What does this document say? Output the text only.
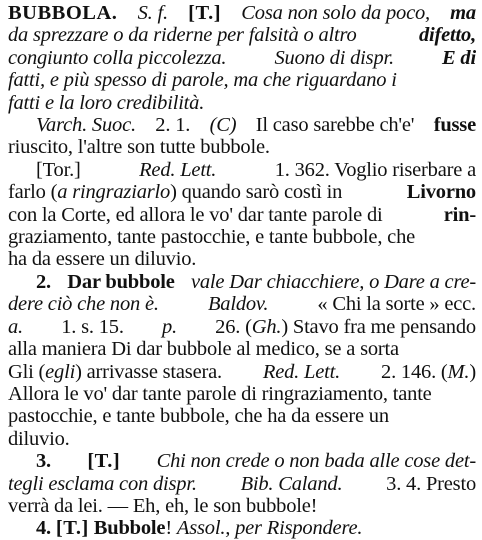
BUBBOLA. S. f. [T.] Cosa non solo da poco, ma
da sprezzare o da riderne per falsità o altro	difetto,
congiunto colla piccolezza. Suono di dispr. E di
fatti, e più spesso di parole, ma che riguardano i
fatti e la loro credibilità.
Varch. Suoc. 2. 1. (C) Il caso sarebbe ch'e' fusse
riuscito, l'altre son tutte bubbole.
[Tor.]	Red. Lett.	1. 362. Voglio riserbare a
farlo (a ringraziarlo) quando sarò costì in	Livorno
con la Corte, ed allora le vo' dar tante parole di	rin-
graziamento, tante pastocchie, e tante bubbole, che
ha da essere un diluvio.
2. Dar bubbole vale Dar chiacchiere, o Dare a cre-
dere ciò che non è. Baldov. « Chi la sorte » ecc.
a. 1. s. 15. p. 26. (Gh.) Stavo fra me pensando
alla maniera Di dar bubbole al medico, se a sorta
Gli (egli) arrivasse stasera. Red. Lett. 2. 146. (M.)
Allora le vo' dar tante parole di ringraziamento, tante
pastocchie, e tante bubbole, che ha da essere un
diluvio.
3. [T.] Chi non crede o non bada alle cose det-
tegli esclama con dispr. Bib. Caland. 3. 4. Presto
verrà da lei. — Eh, eh, le son bubbole!
4. [T.] Bubbole! Assol., per Rispondere.
